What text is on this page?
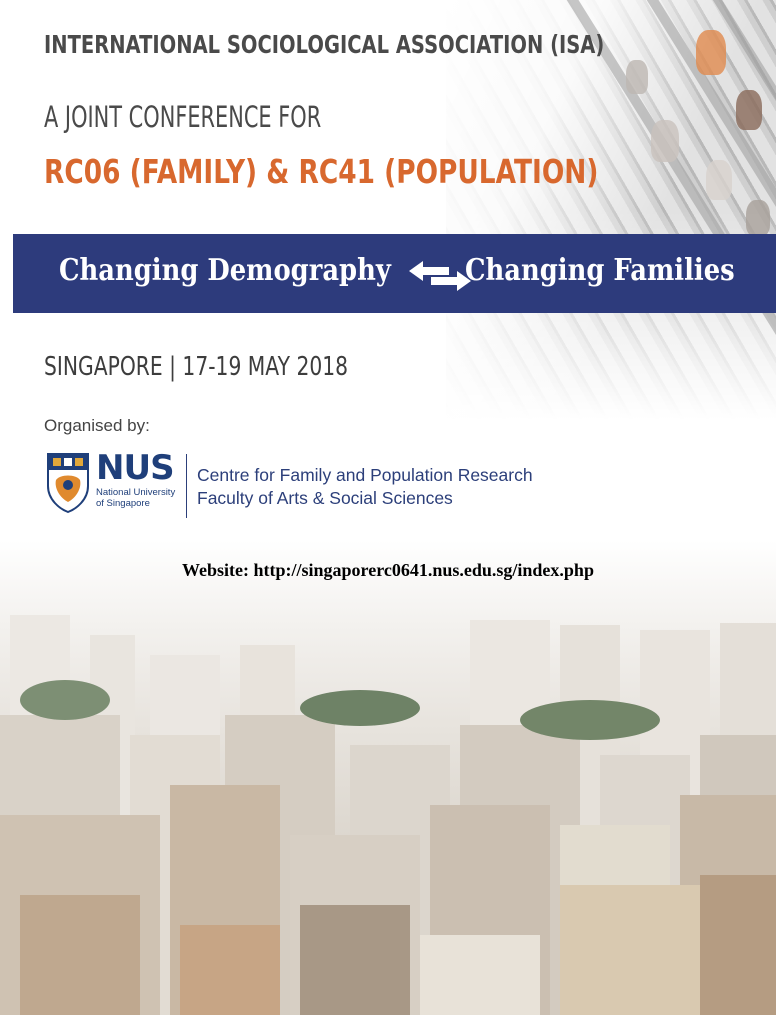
INTERNATIONAL SOCIOLOGICAL ASSOCIATION (ISA)
A JOINT CONFERENCE FOR
RC06 (FAMILY) & RC41 (POPULATION)
Changing Demography Changing Families
SINGAPORE | 17-19 MAY 2018
Organised by:
NUS
National University
of Singapore
Centre for Family and Population Research
Faculty of Arts & Social Sciences
Website: http://singaporerc0641.nus.edu.sg/index.php
